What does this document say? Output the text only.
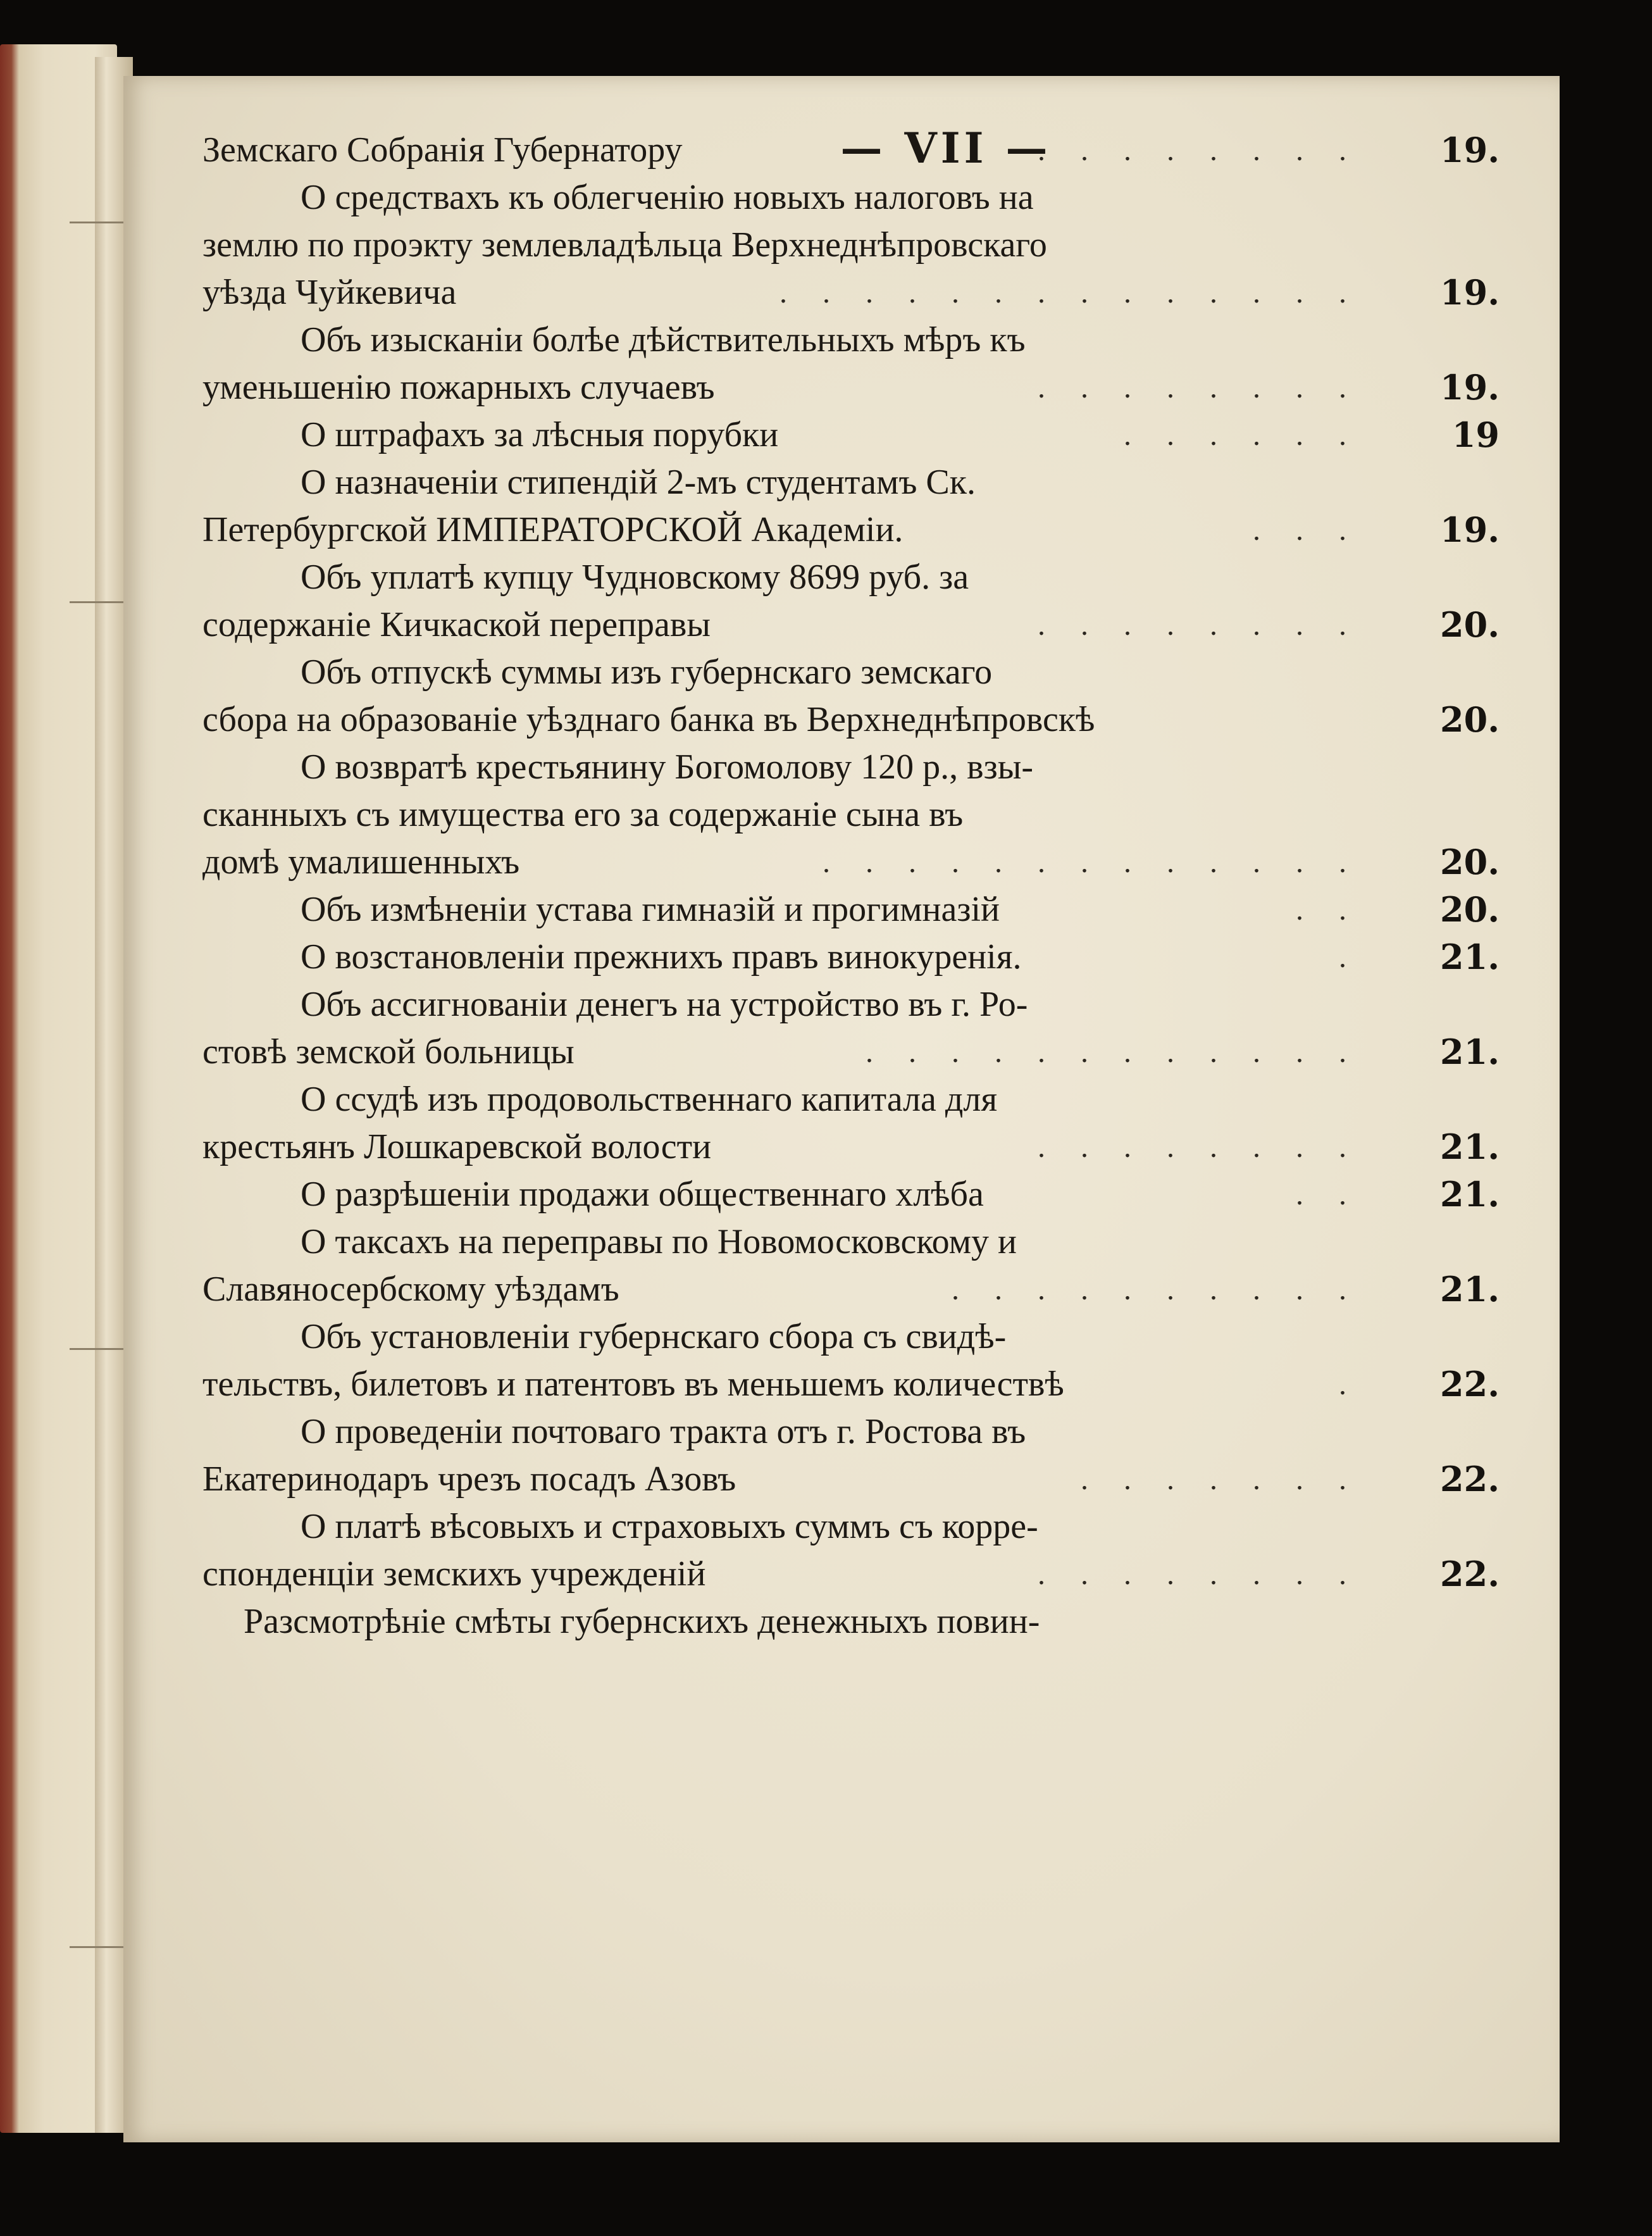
— VII —
Земскаго Собранія Губернатору	. . . . . . . .	19.
О средствахъ къ облегченію новыхъ налоговъ на
землю по проэкту землевладѣльца Верхнеднѣпровскаго
уѣзда Чуйкевича	. . . . . . . . . . . . . .	19.
Объ изысканіи болѣе дѣйствительныхъ мѣръ къ
уменьшенію пожарныхъ случаевъ	. . . . . . . .	19.
О штрафахъ за лѣсныя порубки	. . . . . .	19
О назначеніи стипендій 2-мъ студентамъ Ск.
Петербургской ИМПЕРАТОРСКОЙ Академіи.	. . .	19.
Объ уплатѣ купцу Чудновскому 8699 руб. за
содержаніе Кичкаской переправы	. . . . . . . .	20.
Объ отпускѣ суммы изъ губернскаго земскаго
сбора на образованіе уѣзднаго банка въ Верхнеднѣпровскѣ	20.
О возвратѣ крестьянину Богомолову 120 р., взы-
сканныхъ съ имущества его за содержаніе сына въ
домѣ умалишенныхъ	. . . . . . . . . . . . .	20.
Объ измѣненіи устава гимназій и прогимназій	. .	20.
О возстановленіи прежнихъ правъ винокуренія.	.	21.
Объ ассигнованіи денегъ на устройство въ г. Ро-
стовѣ земской больницы	. . . . . . . . . . . .	21.
О ссудѣ изъ продовольственнаго капитала для
крестьянъ Лошкаревской волости	. . . . . . . .	21.
О разрѣшеніи продажи общественнаго хлѣба	. .	21.
О таксахъ на переправы по Новомосковскому и
Славяносербскому уѣздамъ	. . . . . . . . . .	21.
Объ установленіи губернскаго сбора съ свидѣ-
тельствъ, билетовъ и патентовъ въ меньшемъ количествѣ	.	22.
О проведеніи почтоваго тракта отъ г. Ростова въ
Екатеринодаръ чрезъ посадъ Азовъ	. . . . . . .	22.
О платѣ вѣсовыхъ и страховыхъ суммъ съ корре-
спонденціи земскихъ учрежденій	. . . . . . . .	22.
Разсмотрѣніе смѣты губернскихъ денежныхъ повин-
